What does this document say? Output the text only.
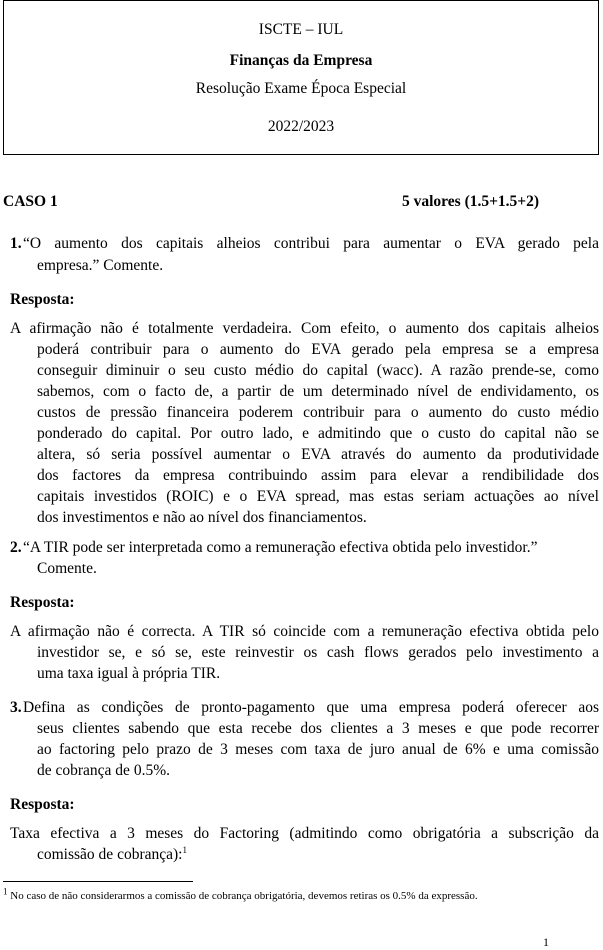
ISCTE – IUL
Finanças da Empresa
Resolução Exame Época Especial
2022/2023
CASO 1	5 valores (1.5+1.5+2)
1. “O aumento dos capitais alheios contribui para aumentar o EVA gerado pela
empresa.” Comente.
Resposta:
A afirmação não é totalmente verdadeira. Com efeito, o aumento dos capitais alheios
poderá contribuir para o aumento do EVA gerado pela empresa se a empresa
conseguir diminuir o seu custo médio do capital (wacc). A razão prende-se, como
sabemos, com o facto de, a partir de um determinado nível de endividamento, os
custos de pressão financeira poderem contribuir para o aumento do custo médio
ponderado do capital. Por outro lado, e admitindo que o custo do capital não se
altera, só seria possível aumentar o EVA através do aumento da produtividade
dos factores da empresa contribuindo assim para elevar a rendibilidade dos
capitais investidos (ROIC) e o EVA spread, mas estas seriam actuações ao nível
dos investimentos e não ao nível dos financiamentos.
2. “A TIR pode ser interpretada como a remuneração efectiva obtida pelo investidor.”
Comente.
Resposta:
A afirmação não é correcta. A TIR só coincide com a remuneração efectiva obtida pelo
investidor se, e só se, este reinvestir os cash flows gerados pelo investimento a
uma taxa igual à própria TIR.
3. Defina as condições de pronto-pagamento que uma empresa poderá oferecer aos
seus clientes sabendo que esta recebe dos clientes a 3 meses e que pode recorrer
ao factoring pelo prazo de 3 meses com taxa de juro anual de 6% e uma comissão
de cobrança de 0.5%.
Resposta:
Taxa efectiva a 3 meses do Factoring (admitindo como obrigatória a subscrição da
comissão de cobrança):$^1$
$^1$ No caso de não considerarmos a comissão de cobrança obrigatória, devemos retiras os 0.5% da expressão.
1
